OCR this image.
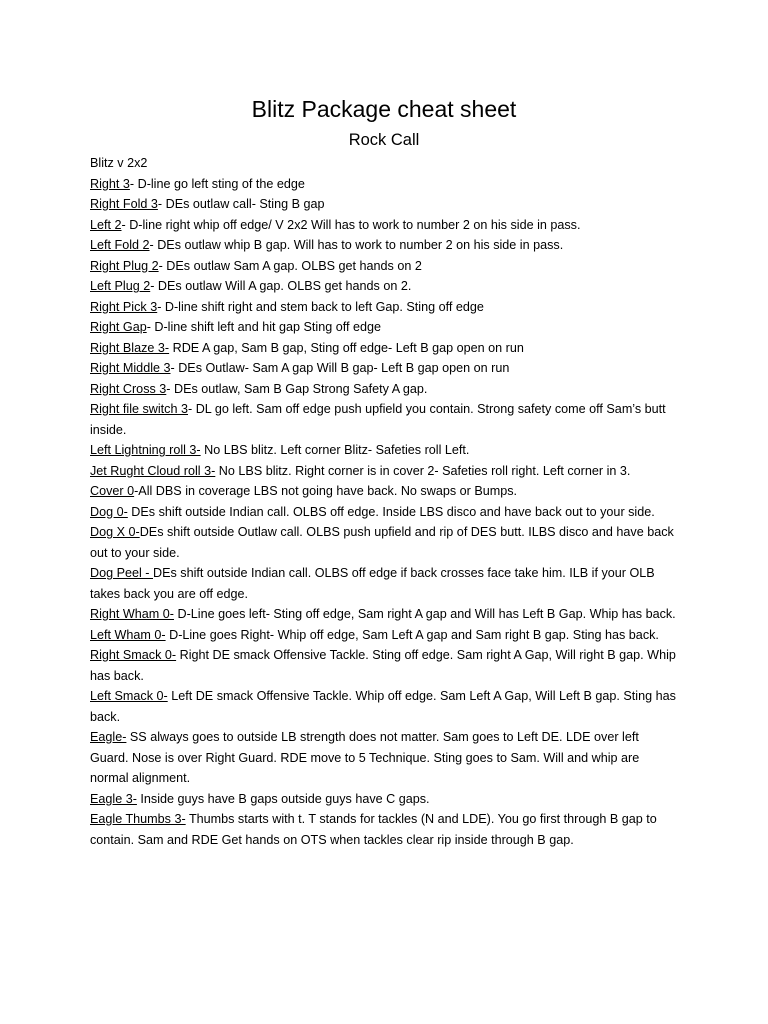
Blitz Package cheat sheet
Rock Call

Blitz v 2x2

Right 3- D-line go left sting of the edge

Right Fold 3- DEs outlaw call- Sting B gap

Left 2- D-line right whip off edge/ V 2x2 Will has to work to number 2 on his side in pass.

Left Fold 2- DEs outlaw whip B gap. Will has to work to number 2 on his side in pass.

Right Plug 2- DEs outlaw Sam A gap. OLBS get hands on 2

Left Plug 2- DEs outlaw Will A gap. OLBS get hands on 2.

Right Pick 3- D-line shift right and stem back to left Gap. Sting off edge

Right Gap- D-line shift left and hit gap Sting off edge

Right Blaze 3- RDE A gap, Sam B gap, Sting off edge- Left B gap open on run

Right Middle 3- DEs Outlaw- Sam A gap Will B gap- Left B gap open on run

Right Cross 3- DEs outlaw, Sam B Gap Strong Safety A gap.

Right file switch 3- DL go left. Sam off edge push upfield you contain. Strong safety come off Sam’s butt inside.

Left Lightning roll 3- No LBS blitz. Left corner Blitz- Safeties roll Left.

Jet Rught Cloud roll 3- No LBS blitz. Right corner is in cover 2- Safeties roll right. Left corner in 3.

Cover 0-All DBS in coverage LBS not going have back. No swaps or Bumps.

Dog 0- DEs shift outside Indian call. OLBS off edge. Inside LBS disco and have back out to your side.

Dog X 0-DEs shift outside Outlaw call. OLBS push upfield and rip of DES butt. ILBS disco and have back out to your side.

Dog Peel - DEs shift outside Indian call. OLBS off edge if back crosses face take him. ILB if your OLB takes back you are off edge.

Right Wham 0- D-Line goes left- Sting off edge, Sam right A gap and Will has Left B Gap. Whip has back.

Left Wham 0- D-Line goes Right- Whip off edge, Sam Left A gap and Sam right B gap. Sting has back.

Right Smack 0- Right DE smack Offensive Tackle. Sting off edge. Sam right A Gap, Will right B gap. Whip has back.

Left Smack 0- Left DE smack Offensive Tackle. Whip off edge. Sam Left A Gap, Will Left B gap. Sting has back.

Eagle- SS always goes to outside LB strength does not matter. Sam goes to Left DE. LDE over left Guard. Nose is over Right Guard. RDE move to 5 Technique. Sting goes to Sam. Will and whip are normal alignment.

Eagle 3- Inside guys have B gaps outside guys have C gaps.

Eagle Thumbs 3- Thumbs starts with t. T stands for tackles (N and LDE). You go first through B gap to contain. Sam and RDE Get hands on OTS when tackles clear rip inside through B gap.
